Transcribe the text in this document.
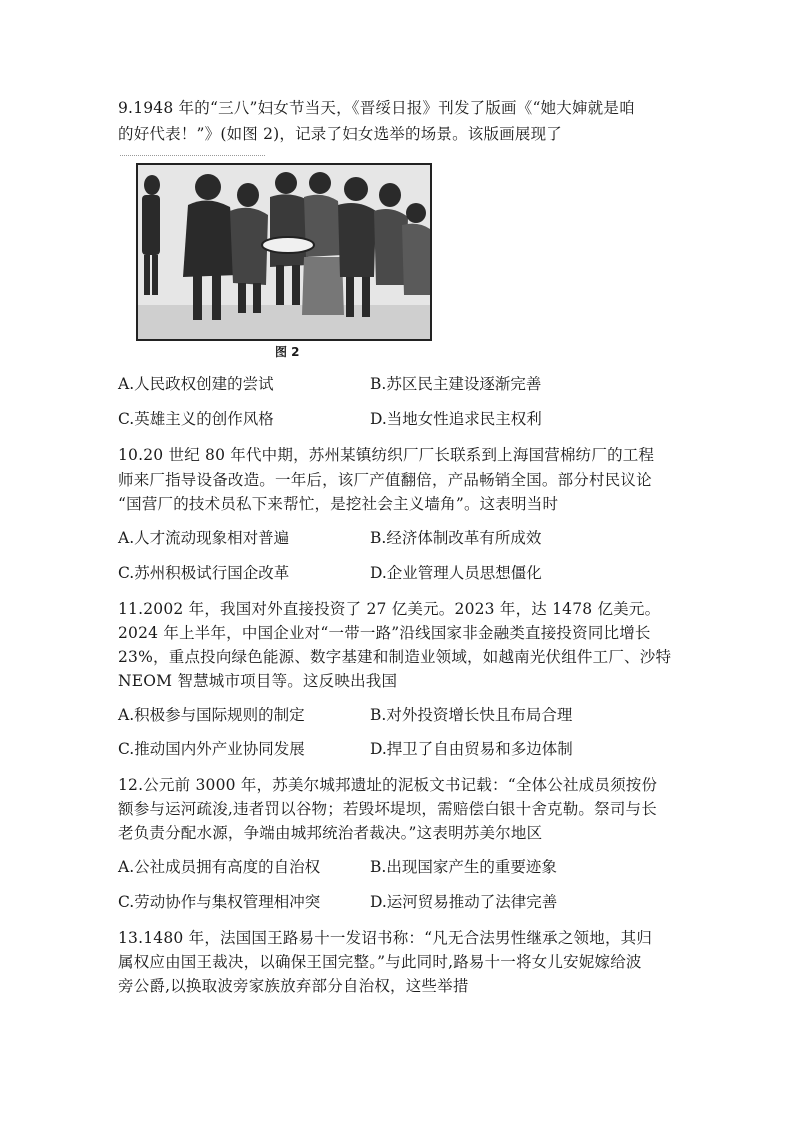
9.1948 年的“三八”妇女节当天，《晋绥日报》刊发了版画《“她大婶就是咱
的好代表！”》(如图 2)，记录了妇女选举的场景。该版画展现了
图 2
A.人民政权创建的尝试	B.苏区民主建设逐渐完善
C.英雄主义的创作风格	D.当地女性追求民主权利
10.20 世纪 80 年代中期，苏州某镇纺织厂厂长联系到上海国营棉纺厂的工程
师来厂指导设备改造。一年后，该厂产值翻倍，产品畅销全国。部分村民议论
“国营厂的技术员私下来帮忙，是挖社会主义墙角”。这表明当时
A.人才流动现象相对普遍	B.经济体制改革有所成效
C.苏州积极试行国企改革	D.企业管理人员思想僵化
11.2002 年，我国对外直接投资了 27 亿美元。2023 年，达 1478 亿美元。
2024 年上半年，中国企业对“一带一路”沿线国家非金融类直接投资同比增长
23%，重点投向绿色能源、数字基建和制造业领域，如越南光伏组件工厂、沙特
NEOM 智慧城市项目等。这反映出我国
A.积极参与国际规则的制定	B.对外投资增长快且布局合理
C.推动国内外产业协同发展	D.捍卫了自由贸易和多边体制
12.公元前 3000 年，苏美尔城邦遗址的泥板文书记载：“全体公社成员须按份
额参与运河疏浚,违者罚以谷物；若毁坏堤坝，需赔偿白银十舍克勒。祭司与长
老负责分配水源，争端由城邦统治者裁决。”这表明苏美尔地区
A.公社成员拥有高度的自治权	B.出现国家产生的重要迹象
C.劳动协作与集权管理相冲突	D.运河贸易推动了法律完善
13.1480 年，法国国王路易十一发诏书称：“凡无合法男性继承之领地，其归
属权应由国王裁决，以确保王国完整。”与此同时,路易十一将女儿安妮嫁给波
旁公爵,以换取波旁家族放弃部分自治权，这些举措
